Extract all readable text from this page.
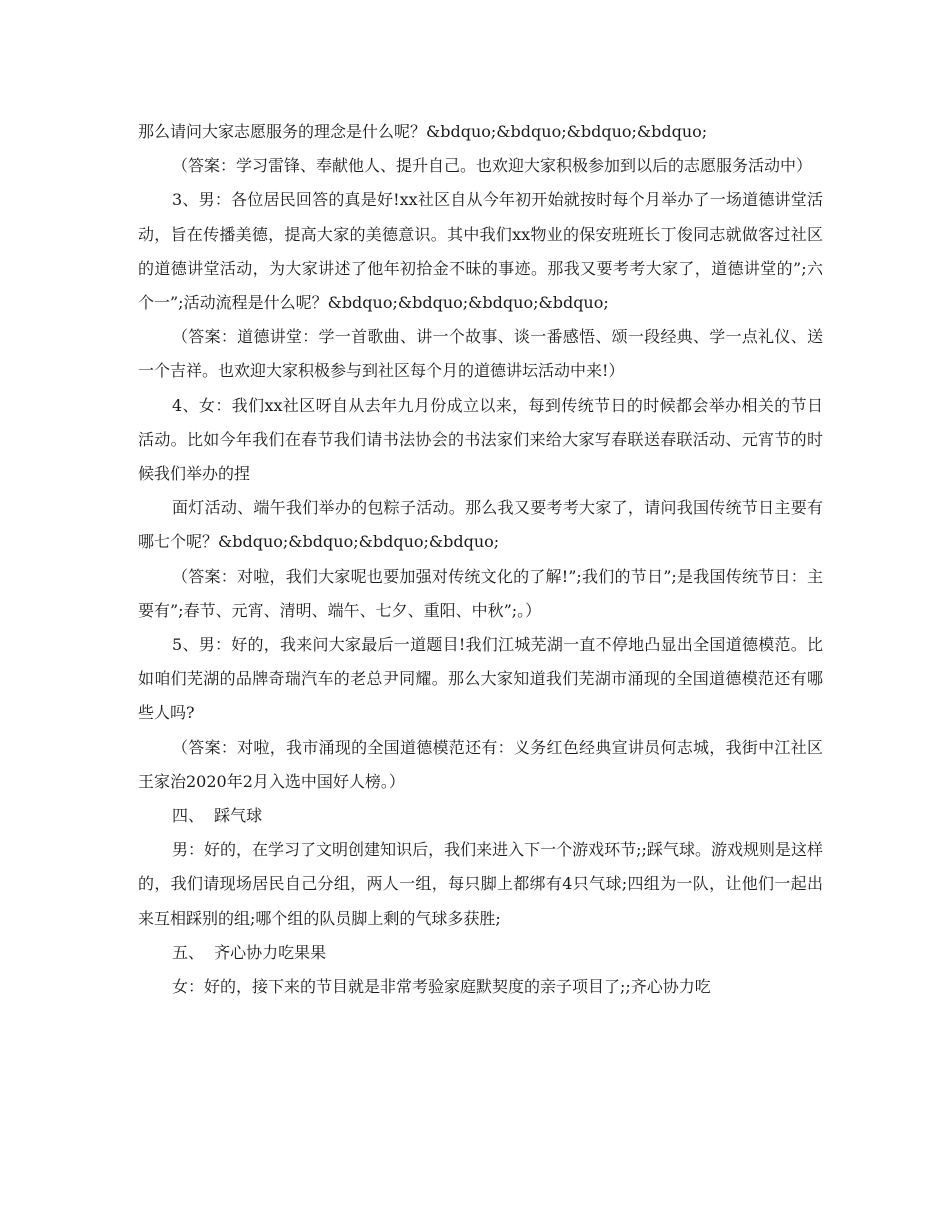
那么请问大家志愿服务的理念是什么呢？&bdquo;&bdquo;&bdquo;&bdquo;

（答案：学习雷锋、奉献他人、提升自己。也欢迎大家积极参加到以后的志愿服务活动中）

3、男：各位居民回答的真是好!xx社区自从今年初开始就按时每个月举办了一场道德讲堂活动，旨在传播美德，提高大家的美德意识。其中我们xx物业的保安班班长丁俊同志就做客过社区的道德讲堂活动，为大家讲述了他年初拾金不昧的事迹。那我又要考考大家了，道德讲堂的”;六个一”;活动流程是什么呢？&bdquo;&bdquo;&bdquo;&bdquo;

（答案：道德讲堂：学一首歌曲、讲一个故事、谈一番感悟、颂一段经典、学一点礼仪、送一个吉祥。也欢迎大家积极参与到社区每个月的道德讲坛活动中来!）

4、女：我们xx社区呀自从去年九月份成立以来，每到传统节日的时候都会举办相关的节日活动。比如今年我们在春节我们请书法协会的书法家们来给大家写春联送春联活动、元宵节的时候我们举办的捏

面灯活动、端午我们举办的包粽子活动。那么我又要考考大家了，请问我国传统节日主要有哪七个呢？&bdquo;&bdquo;&bdquo;&bdquo;

（答案：对啦，我们大家呢也要加强对传统文化的了解!”;我们的节日”;是我国传统节日：主要有”;春节、元宵、清明、端午、七夕、重阳、中秋”;。）

5、男：好的，我来问大家最后一道题目!我们江城芜湖一直不停地凸显出全国道德模范。比如咱们芜湖的品牌奇瑞汽车的老总尹同耀。那么大家知道我们芜湖市涌现的全国道德模范还有哪些人吗?

（答案：对啦，我市涌现的全国道德模范还有：义务红色经典宣讲员何志城，我街中江社区王家治2020年2月入选中国好人榜。）

四、  踩气球

男：好的，在学习了文明创建知识后，我们来进入下一个游戏环节;;踩气球。游戏规则是这样的，我们请现场居民自己分组，两人一组，每只脚上都绑有4只气球;四组为一队，让他们一起出来互相踩别的组;哪个组的队员脚上剩的气球多获胜;

五、  齐心协力吃果果

女：好的，接下来的节目就是非常考验家庭默契度的亲子项目了;;齐心协力吃
